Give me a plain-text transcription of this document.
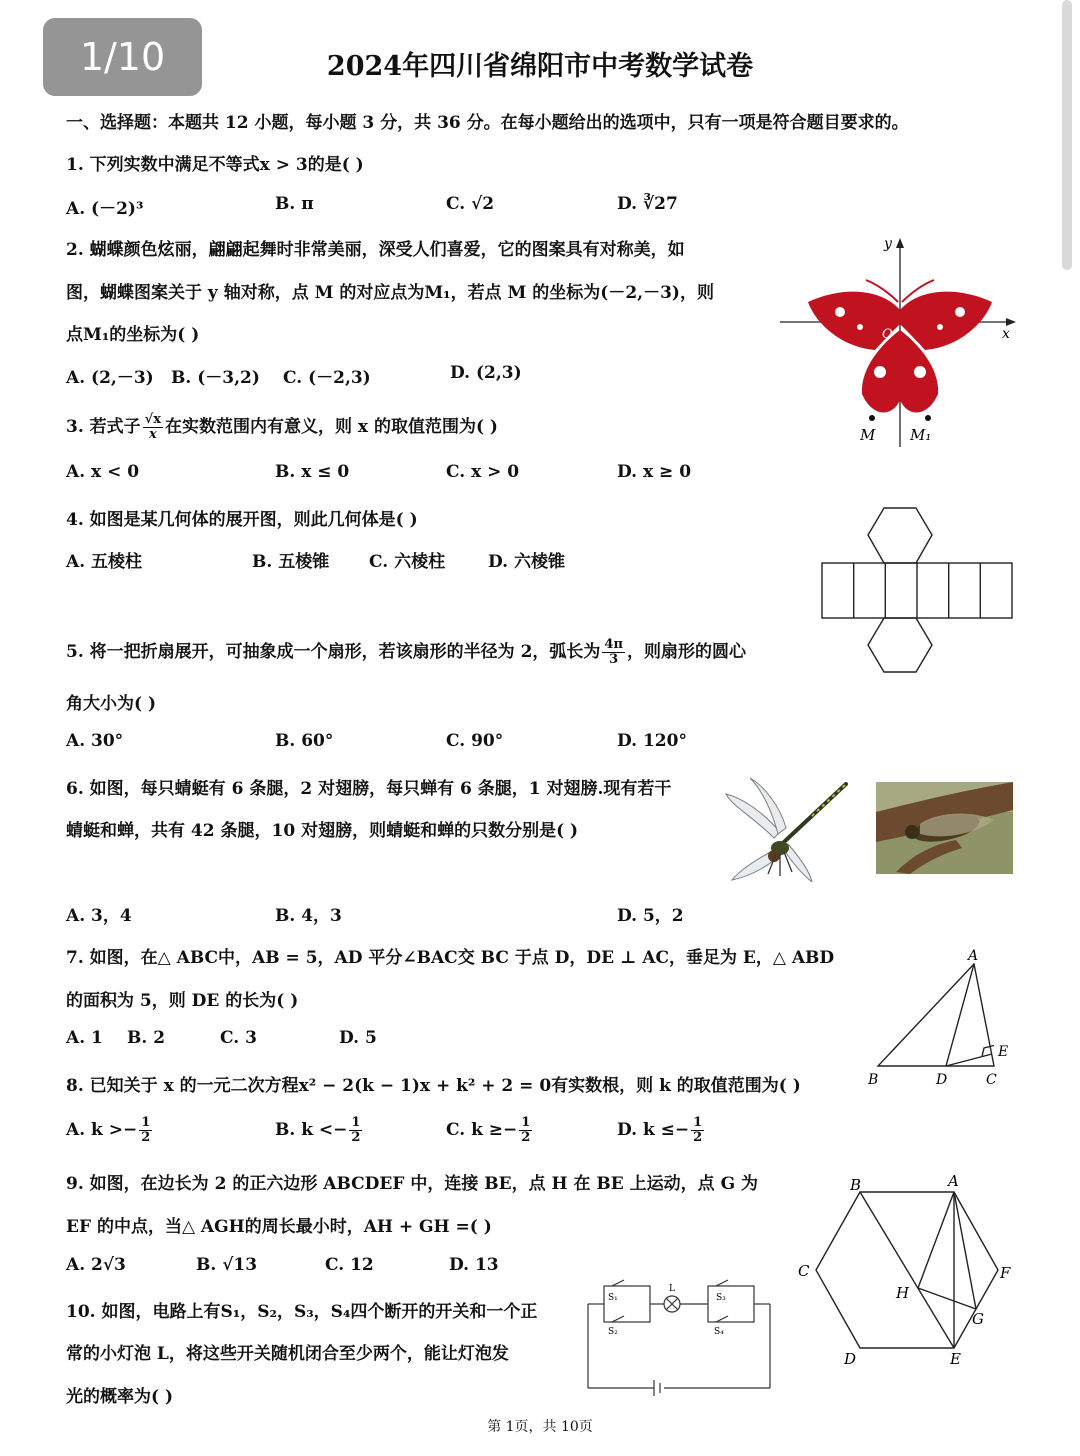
1/10	2024年四川省绵阳市中考数学试卷
一、选择题：本题共 12 小题，每小题 3 分，共 36 分。在每小题给出的选项中，只有一项是符合题目要求的。
1. 下列实数中满足不等式x > 3的是( )
A. (－2)³	B. π	C. √2	D. ∛27
2. 蝴蝶颜色炫丽，翩翩起舞时非常美丽，深受人们喜爱，它的图案具有对称美，如
图，蝴蝶图案关于 y 轴对称，点 M 的对应点为M₁，若点 M 的坐标为(－2,－3)，则
点M₁的坐标为( )
A. (2,－3) B. (－3,2) C. (－2,3)	D. (2,3)
y
x
O
M M₁
3. 若式子 $\frac{√x}{x}$ 在实数范围内有意义，则 x 的取值范围为( )
A. x < 0	B. x ≤ 0	C. x > 0	D. x ≥ 0
4. 如图是某几何体的展开图，则此几何体是( )
A. 五棱柱	B. 五棱锥 C. 六棱柱	D. 六棱锥
5. 将一把折扇展开，可抽象成一个扇形，若该扇形的半径为 2，弧长为 $\frac{4\pi}{3}$ ，则扇形的圆心
角大小为( )
A. 30°	B. 60°	C. 90°	D. 120°
6. 如图，每只蜻蜓有 6 条腿，2 对翅膀，每只蝉有 6 条腿，1 对翅膀.现有若干
蜻蜓和蝉，共有 42 条腿，10 对翅膀，则蜻蜓和蝉的只数分别是( )
A. 3，4	B. 4，3	D. 5，2
7. 如图，在△ ABC中，AB = 5，AD 平分∠BAC交 BC 于点 D，DE ⊥ AC，垂足为 E，△ ABD
的面积为 5，则 DE 的长为( )
A. 1 B. 2	C. 3	D. 5
A
B	D	C
E
8. 已知关于 x 的一元二次方程x² − 2(k − 1)x + k² + 2 = 0有实数根，则 k 的取值范围为( )
A. $k >- \frac{1}{2}$	B. $k <- \frac{1}{2}$	C. $k \ge- \frac{1}{2}$	D. $k \le- \frac{1}{2}$
9. 如图，在边长为 2 的正六边形 ABCDEF 中，连接 BE，点 H 在 BE 上运动，点 G 为
EF 的中点，当△ AGH的周长最小时，AH + GH =( )
A. 2√3	B. √13	C. 12	D. 13
A
B
C
D	E
F
G
H
10. 如图，电路上有S₁，S₂，S₃，S₄四个断开的开关和一个正
常的小灯泡 L，将这些开关随机闭合至少两个，能让灯泡发
光的概率为( )
S₁
S₂
S₃
S₄
L
第 1页，共 10页
